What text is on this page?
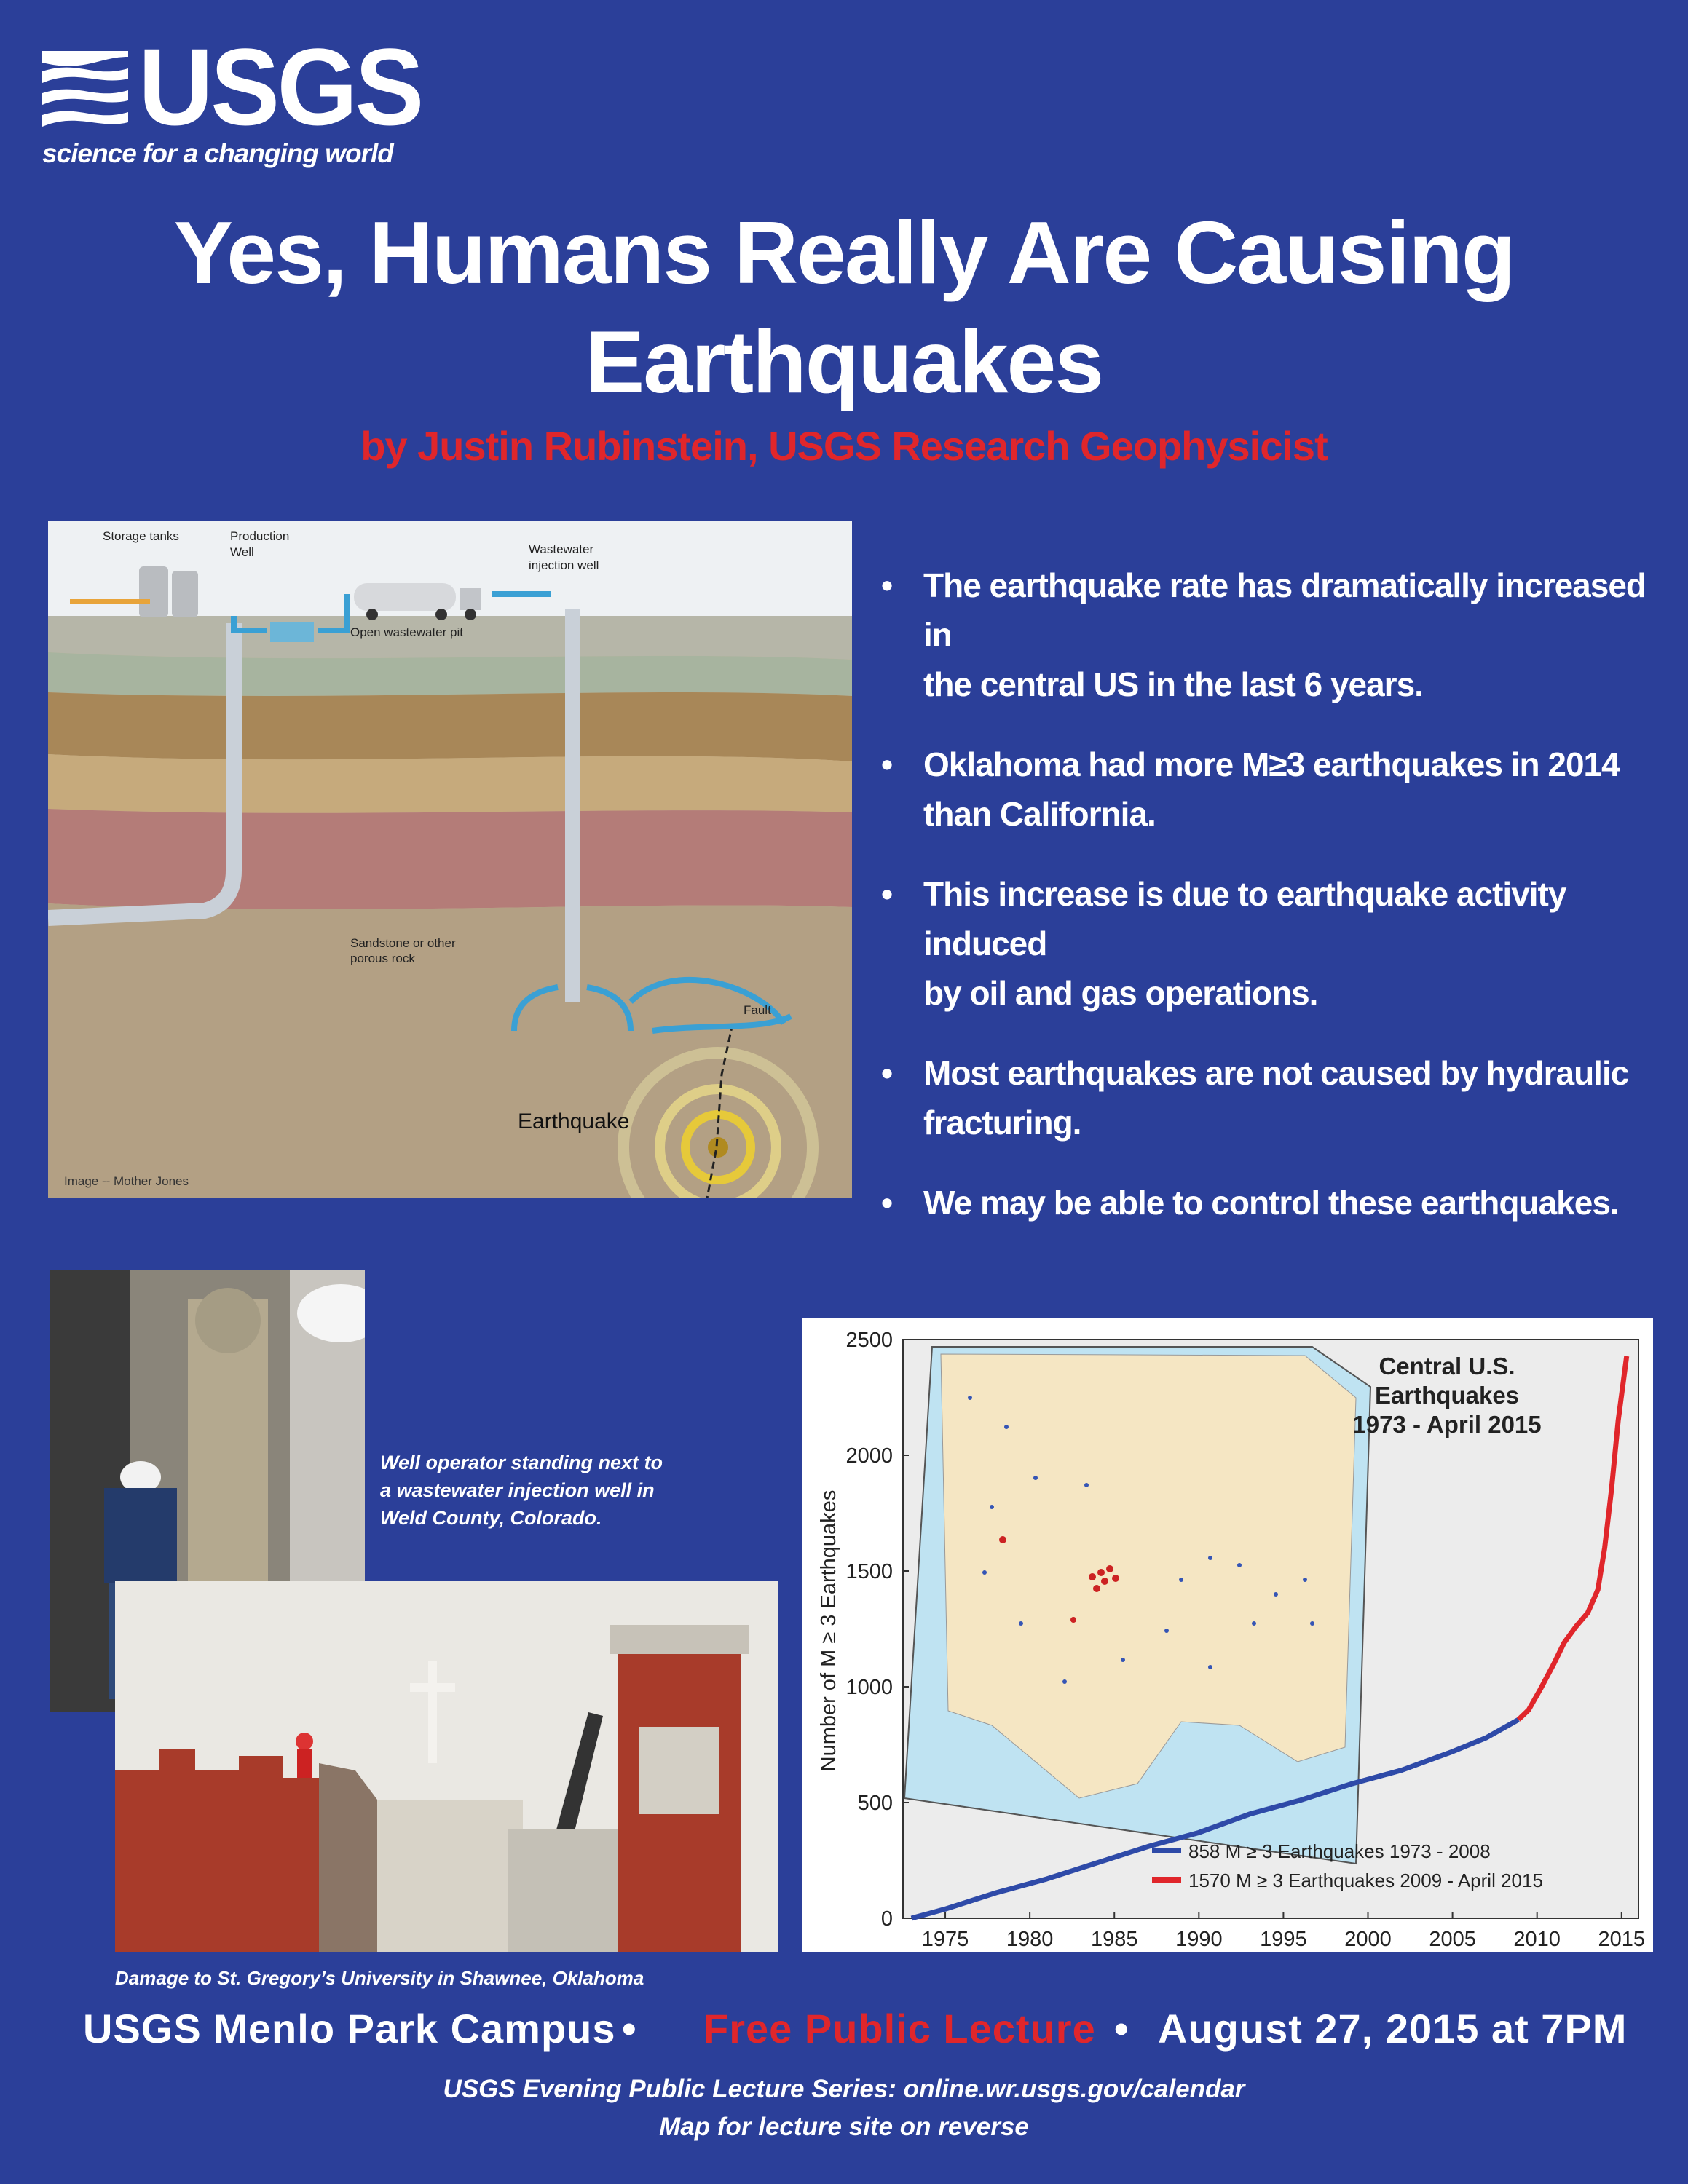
USGS
science for a changing world
Yes, Humans Really Are Causing
Earthquakes
by Justin Rubinstein, USGS Research Geophysicist
Storage tanks	Production
Well	Wastewater
injection well
Open wastewater pit
Sandstone or other
porous rock
Fault
Earthquake
Image -- Mother Jones
• The earthquake rate has dramatically increased in
the central US in the last 6 years.
• Oklahoma had more M≥3 earthquakes in 2014
than California.
• This increase is due to earthquake activity induced
by oil and gas operations.
• Most earthquakes are not caused by hydraulic
fracturing.
• We may be able to control these earthquakes.
Well operator standing next to a wastewater injection well in Weld County, Colorado.
Damage to St. Gregory’s University in Shawnee, Oklahoma
Central U.S.
Earthquakes
1973 - April 2015
Number of M ≥ 3 Earthquakes
1975 1980 1985 1990 1995 2000 2005 2010 2015
0
500
1000
1500
2000
2500
858 M ≥ 3 Earthquakes 1973 - 2008
1570 M ≥ 3 Earthquakes 2009 - April 2015
USGS Menlo Park Campus • Free Public Lecture • August 27, 2015 at 7PM
USGS Evening Public Lecture Series: online.wr.usgs.gov/calendar
Map for lecture site on reverse
